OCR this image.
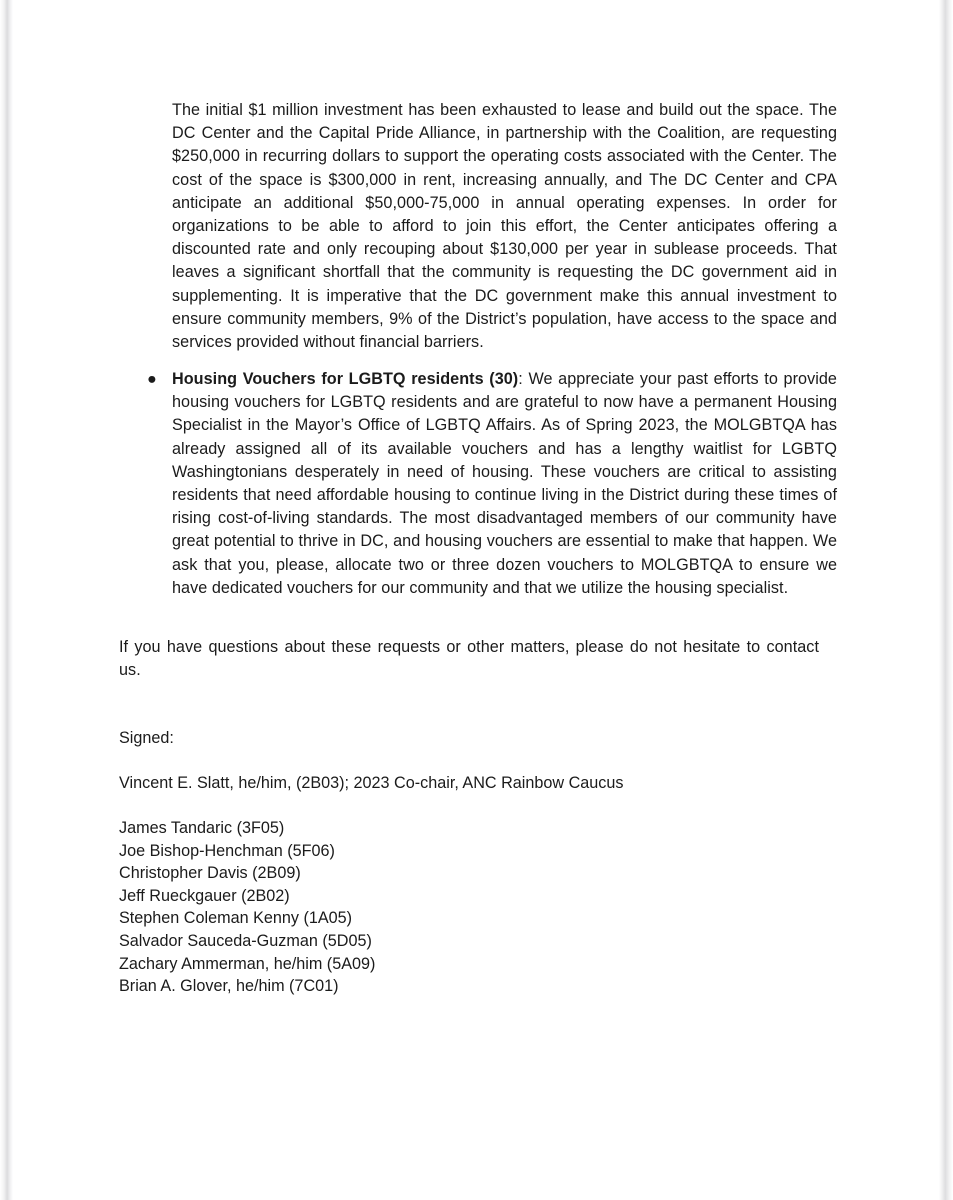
The initial $1 million investment has been exhausted to lease and build out the space. The DC Center and the Capital Pride Alliance, in partnership with the Coalition, are requesting $250,000 in recurring dollars to support the operating costs associated with the Center. The cost of the space is $300,000 in rent, increasing annually, and The DC Center and CPA anticipate an additional $50,000-75,000 in annual operating expenses. In order for organizations to be able to afford to join this effort, the Center anticipates offering a discounted rate and only recouping about $130,000 per year in sublease proceeds. That leaves a significant shortfall that the community is requesting the DC government aid in supplementing. It is imperative that the DC government make this annual investment to ensure community members, 9% of the District’s population, have access to the space and services provided without financial barriers.

● Housing Vouchers for LGBTQ residents (30): We appreciate your past efforts to provide housing vouchers for LGBTQ residents and are grateful to now have a permanent Housing Specialist in the Mayor’s Office of LGBTQ Affairs. As of Spring 2023, the MOLGBTQA has already assigned all of its available vouchers and has a lengthy waitlist for LGBTQ Washingtonians desperately in need of housing. These vouchers are critical to assisting residents that need affordable housing to continue living in the District during these times of rising cost-of-living standards. The most disadvantaged members of our community have great potential to thrive in DC, and housing vouchers are essential to make that happen. We ask that you, please, allocate two or three dozen vouchers to MOLGBTQA to ensure we have dedicated vouchers for our community and that we utilize the housing specialist.

If you have questions about these requests or other matters, please do not hesitate to contact us.

Signed:

Vincent E. Slatt, he/him, (2B03); 2023 Co-chair, ANC Rainbow Caucus

James Tandaric (3F05)
Joe Bishop-Henchman (5F06)
Christopher Davis (2B09)
Jeff Rueckgauer (2B02)
Stephen Coleman Kenny (1A05)
Salvador Sauceda-Guzman (5D05)
Zachary Ammerman, he/him (5A09)
Brian A. Glover, he/him (7C01)
